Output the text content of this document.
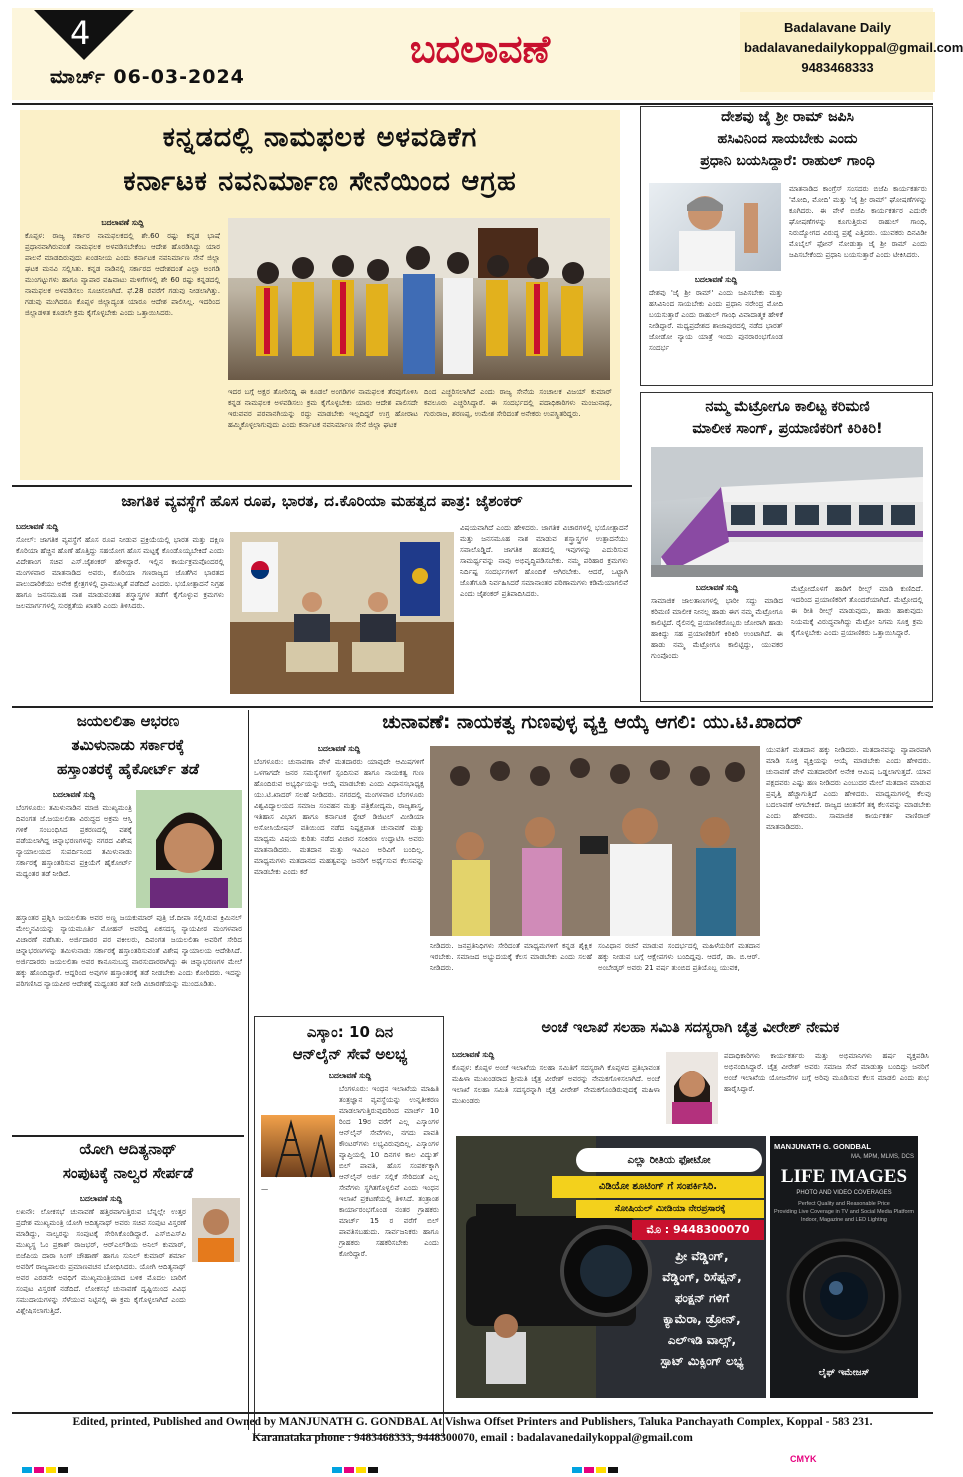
4
ಮಾರ್ಚ್ 06-03-2024
ಬದಲಾವಣೆ	Badalavane Daily
badalavanedailykoppal@gmail.com
9483468333
ಕನ್ನಡದಲ್ಲಿ ನಾಮಫಲಕ ಅಳವಡಿಕೆಗ
ಕರ್ನಾಟಕ ನವನಿರ್ಮಾಣ ಸೇನೆಯಿಂದ ಆಗ್ರಹ
ಬದಲಾವಣೆ ಸುದ್ದಿ
ಕೊಪ್ಪಳ: ರಾಜ್ಯ ಸರ್ಕಾರ ನಾಮಫಲಕದಲ್ಲಿ ಶೇ.60 ರಷ್ಟು ಕನ್ನಡ ಭಾಷೆ ಪ್ರಧಾನವಾಗಿರುವಂತೆ ನಾಮಫಲಕ ಅಳವಡಿಸಬೇಕೆಂಬ ಆದೇಶ ಹೊರಡಿಸಿದ್ದು ಯಾರ ಪಾಲನೆ ಮಾಡದಿರುವುದು ಖಂಡನೀಯ ಎಂದು ಕರ್ನಾಟಕ ನವನಿರ್ಮಾಣ ಸೇನೆ ಜಿಲ್ಲಾ ಘಟಕ ಮನವಿ ಸಲ್ಲಿಸಿತು. ಕನ್ನಡ ನಾಡಿನಲ್ಲಿ ಸರ್ಕಾರದ ಆದೇಶದಂತೆ ಎಲ್ಲಾ ಅಂಗಡಿ ಮುಂಗಟ್ಟುಗಳು ಹಾಗೂ ವ್ಯಾಪಾರ ವಹಿವಾಟು ಮಳಿಗೆಗಳಲ್ಲಿ ಶೇ 60 ರಷ್ಟು ಕನ್ನಡದಲ್ಲಿ ನಾಮಫಲಕ ಅಳವಡಿಸಲು ಸೂಚಿಸಲಾಗಿದೆ. ಫೆ.28 ರವರೆಗೆ ಗಡುವು ನೀಡಲಾಗಿತ್ತು. ಗಡುವು ಮುಗಿದರೂ ಕೊಪ್ಪಳ ಜಿಲ್ಲಾದ್ಯಂತ ಯಾರೂ ಆದೇಶ ಪಾಲಿಸಿಲ್ಲ. ಇದರಿಂದ ಜಿಲ್ಲಾಡಳಿತ ಕೂಡಲೇ ಕ್ರಮ ಕೈಗೊಳ್ಳಬೇಕು ಎಂದು ಒತ್ತಾಯಿಸಿದರು.
ಇದರ ಬಗ್ಗೆ ಅಕ್ಷರ ತೋರಿಸದ್ದಿ ಈ ಕೂಡಲೆ ಅಂಗಡಿಗಳ ನಾಮಫಲಕ ತೆರವುಗೊಳಿಸಿ ಕನ್ನಡ ನಾಮಫಲಕ ಅಳವಡಿಸಲು ಕ್ರಮ ಕೈಗೊಳ್ಳಬೇಕು ಯಾರು ಆದೇಶ ಪಾಲಿಸದೇ ಇರುವವರ ಪರವಾನಗಿಯನ್ನು ರದ್ದು ಮಾಡಬೇಕು ಇಲ್ಲದಿದ್ದರೆ ಉಗ್ರ ಹೋರಾಟ ಹಮ್ಮಿಕೊಳ್ಳಲಾಗುವುದು ಎಂದು ಕರ್ನಾಟಕ ನವನಿರ್ಮಾಣ ಸೇನೆ ಜಿಲ್ಲಾ ಘಟಕ
ದಿಂದ ಎಚ್ಚರಿಸಲಾಗಿದೆ ಎಂದು ರಾಜ್ಯ ಸೇನೆಯ ಸಂಚಾಲಕ ವಿಜಯ್ ಕುಮಾರ್ ಕವಲೂರು ಎಚ್ಚರಿಸಿದ್ದಾರೆ. ಈ ಸಂದರ್ಭದಲ್ಲಿ ಪದಾಧಿಕಾರಿಗಳು ಮಂಜುನಾಥ, ಗುರುರಾಜ, ಶರಣಪ್ಪ, ಉಮೇಶ ಸೇರಿದಂತೆ ಅನೇಕರು ಉಪಸ್ಥಿತರಿದ್ದರು.
ದೇಶವು ಜೈ ಶ್ರೀ ರಾಮ್ ಜಪಿಸಿ
ಹಸಿವಿನಿಂದ ಸಾಯಬೇಕು ಎಂದು
ಪ್ರಧಾನಿ ಬಯಸಿದ್ದಾರೆ: ರಾಹುಲ್ ಗಾಂಧಿ
ಬದಲಾವಣೆ ಸುದ್ದಿ
ದೇಶವು 'ಜೈ ಶ್ರೀ ರಾಮ್' ಎಂದು ಜಪಿಸಬೇಕು ಮತ್ತು ಹಸಿವಿನಿಂದ ಸಾಯಬೇಕು ಎಂದು ಪ್ರಧಾನಿ ನರೇಂದ್ರ ಮೋದಿ ಬಯಸುತ್ತಾರೆ ಎಂದು ರಾಹುಲ್ ಗಾಂಧಿ ವಿವಾದಾತ್ಮಕ ಹೇಳಿಕೆ ನೀಡಿದ್ದಾರೆ. ಮಧ್ಯಪ್ರದೇಶದ ಶಾಜಾಪುರದಲ್ಲಿ ನಡೆದ ಭಾರತ್ ಜೋಡೋ ನ್ಯಾಯ ಯಾತ್ರೆ ಇಂದು ಪುನರಾರಂಭಗೊಂಡ ಸಂದರ್ಭ
ಮಾತನಾಡಿದ ಕಾಂಗ್ರೆಸ್ ಸಂಸದರು ಬಿಜೆಪಿ ಕಾರ್ಯಕರ್ತರು 'ಮೋದಿ, ಮೋದಿ' ಮತ್ತು 'ಜೈ ಶ್ರೀ ರಾಮ್' ಘೋಷಣೆಗಳನ್ನು ಕೂಗಿದರು. ಈ ವೇಳೆ ಬಿಜೆಪಿ ಕಾರ್ಯಕರ್ತರ ಎದುರೇ ಘೋಷಣೆಗಳನ್ನು ಕೂಗುತ್ತಿರುವ ರಾಹುಲ್ ಗಾಂಧಿ, ನಿರುದ್ಯೋಗದ ವಿರುದ್ಧ ಪ್ರಶ್ನೆ ಎತ್ತಿದರು. ಯುವಕರು ದಿನವಿಡೀ ಮೊಬೈಲ್ ಫೋನ್ ನೋಡುತ್ತಾ ಜೈ ಶ್ರೀ ರಾಮ್ ಎಂದು ಜಪಿಸಬೇಕೆಂದು ಪ್ರಧಾನಿ ಬಯಸುತ್ತಾರೆ ಎಂದು ಟೀಕಿಸಿದರು.
ನಮ್ಮ ಮೆಟ್ರೋಗೂ ಕಾಲಿಟ್ಟ ಕರಿಮಣಿ
ಮಾಲೀಕ ಸಾಂಗ್, ಪ್ರಯಾಣಿಕರಿಗೆ ಕಿರಿಕಿರಿ!
ಬದಲಾವಣೆ ಸುದ್ದಿ
ಸಾಮಾಜಿಕ ಜಾಲತಾಣಗಳಲ್ಲಿ ಭಾರೀ ಸದ್ದು ಮಾಡಿದ ಕರಿಮಣಿ ಮಾಲೀಕ ನೀನಲ್ಲ ಹಾಡು ಈಗ ನಮ್ಮ ಮೆಟ್ರೋಗೂ ಕಾಲಿಟ್ಟಿದೆ. ರೈಲಿನಲ್ಲಿ ಪ್ರಯಾಣಿಕರೊಬ್ಬರು ಜೋರಾಗಿ ಹಾಡು ಹಾಕಿದ್ದು ಸಹ ಪ್ರಯಾಣಿಕರಿಗೆ ಕಿರಿಕಿರಿ ಉಂಟಾಗಿದೆ. ಈ ಹಾಡು ನಮ್ಮ ಮೆಟ್ರೋಗೂ ಕಾಲಿಟ್ಟಿದ್ದು, ಯುವಕರ ಗುಂಪೊಂದು
ಮೆಟ್ರೋದೊಳಗೆ ಹಾಡಿಗೆ ರೀಲ್ಸ್ ಮಾಡಿ ಕುಣಿದಿದೆ. ಇದರಿಂದ ಪ್ರಯಾಣಿಕರಿಗೆ ತೊಂದರೆಯಾಗಿದೆ. ಮೆಟ್ರೋದಲ್ಲಿ ಈ ರೀತಿ ರೀಲ್ಸ್ ಮಾಡುವುದು, ಹಾಡು ಹಾಕುವುದು ನಿಯಮಕ್ಕೆ ವಿರುದ್ಧವಾಗಿದ್ದು ಮೆಟ್ರೋ ನಿಗಮ ಸೂಕ್ತ ಕ್ರಮ ಕೈಗೊಳ್ಳಬೇಕು ಎಂದು ಪ್ರಯಾಣಿಕರು ಒತ್ತಾಯಿಸಿದ್ದಾರೆ.
ಜಾಗತಿಕ ವ್ಯವಸ್ಥೆಗೆ ಹೊಸ ರೂಪ, ಭಾರತ, ದ.ಕೊರಿಯಾ ಮಹತ್ವದ ಪಾತ್ರ: ಜೈಶಂಕರ್
ಬದಲಾವಣೆ ಸುದ್ದಿ
ಸೋಲ್: ಜಾಗತಿಕ ವ್ಯವಸ್ಥೆಗೆ ಹೊಸ ರೂಪ ನೀಡುವ ಪ್ರಕ್ರಿಯೆಯಲ್ಲಿ ಭಾರತ ಮತ್ತು ದಕ್ಷಿಣ ಕೊರಿಯಾ ಹೆಚ್ಚಿನ ಹೊಣೆ ಹೊತ್ತಿದ್ದು ಸಹಯೋಗ ಹೊಸ ಮಟ್ಟಕ್ಕೆ ಕೊಂಡೊಯ್ಯಬೇಕಿದೆ ಎಂದು ವಿದೇಶಾಂಗ ಸಚಿವ ಎಸ್.ಜೈಶಂಕರ್ ಹೇಳಿದ್ದಾರೆ. ಇಲ್ಲಿನ ಕಾರ್ಯಕ್ರಮವೊಂದರಲ್ಲಿ ಮಂಗಳವಾರ ಮಾತನಾಡಿದ ಅವರು, ಕೊರಿಯಾ ಗಣರಾಜ್ಯದ ಜೊತೆಗಿನ ಭಾರತದ ಪಾಲುದಾರಿಕೆಯು ಅನೇಕ ಕ್ಷೇತ್ರಗಳಲ್ಲಿ ಪ್ರಾಮುಖ್ಯತೆ ಪಡೆದಿದೆ ಎಂದರು. ಭಯೋತ್ಪಾದನೆ ನಿಗ್ರಹ ಹಾಗೂ ಜನಸಮೂಹ ನಾಶ ಮಾಡುವಂತಹ ಶಸ್ತ್ರಾಸ್ತ್ರಗಳ ತಡೆಗೆ ಕೈಗೊಳ್ಳುವ ಕ್ರಮಗಳು ಜಲಮಾರ್ಗಗಳಲ್ಲಿ ಸುರಕ್ಷತೆಯ ಖಾತರಿ ಎಂದು ತಿಳಿಸಿದರು.
ವಿಷಯವಾಗಿದೆ ಎಂದು ಹೇಳಿದರು. ಜಾಗತಿಕ ವಿಚಾರಗಳಲ್ಲಿ ಭಯೋತ್ಪಾದನೆ ಮತ್ತು ಜನಸಮೂಹ ನಾಶ ಮಾಡುವ ಶಸ್ತ್ರಾಸ್ತ್ರಗಳ ಉತ್ಪಾದನೆಯು ಸವಾಲೊಡ್ಡಿದೆ. ಜಾಗತಿಕ ಹಂತದಲ್ಲಿ ಇವುಗಳನ್ನು ಎದುರಿಸುವ ಸಾಮರ್ಥ್ಯವನ್ನು ನಾವು ಅಭಿವೃದ್ಧಿಪಡಿಸಬೇಕು. ನಮ್ಮ ಪರಿಹಾರ ಕ್ರಮಗಳು ನಿರ್ದಿಷ್ಟ ಸಂದರ್ಭಗಳಿಗೆ ಹೊಂದಿಕೆ ಆಗಿರಬೇಕು. ಆದರೆ, ಒಟ್ಟಾಗಿ ಜೊತೆಗೂಡಿ ನಿರ್ವಹಿಸಿದರೆ ಸಮಾನಾಂತರ ಪರಿಣಾಮಗಳು ಕಡಿಮೆಯಾಗಲಿವೆ ಎಂದು ಜೈಶಂಕರ್ ಪ್ರತಿಪಾದಿಸಿದರು.
ಜಯಲಲಿತಾ ಆಭರಣ
ತಮಿಳುನಾಡು ಸರ್ಕಾರಕ್ಕೆ
ಹಸ್ತಾಂತರಕ್ಕೆ ಹೈಕೋರ್ಟ್ ತಡೆ
ಬದಲಾವಣೆ ಸುದ್ದಿ
ಬೆಂಗಳೂರು: ತಮಿಳುನಾಡಿನ ಮಾಜಿ ಮುಖ್ಯಮಂತ್ರಿ ದಿವಂಗತ ಜೆ.ಜಯಲಲಿತಾ ವಿರುದ್ಧದ ಅಕ್ರಮ ಆಸ್ತಿ ಗಳಿಕೆ ಸಂಬಂಧಿಸಿದ ಪ್ರಕರಣದಲ್ಲಿ ವಶಕ್ಕೆ ಪಡೆಯಲಾಗಿದ್ದ ಚಿನ್ನಾಭರಣಗಳನ್ನು ನಗರದ ವಿಶೇಷ ನ್ಯಾಯಾಲಯದ ಸುಪರ್ದಿನಿಂದ ತಮಿಳುನಾಡು ಸರ್ಕಾರಕ್ಕೆ ಹಸ್ತಾಂತರಿಸುವ ಪ್ರಕ್ರಿಯೆಗೆ ಹೈಕೋರ್ಟ್ ಮಧ್ಯಂತರ ತಡೆ ನೀಡಿದೆ.
ಹಸ್ತಾಂತರ ಪ್ರಶ್ನಿಸಿ ಜಯಲಲಿತಾ ಅವರ ಅಣ್ಣ ಜಯಕುಮಾರ್ ಪುತ್ರಿ ಜೆ.ದೀಪಾ ಸಲ್ಲಿಸಿರುವ ಕ್ರಿಮಿನಲ್ ಮೇಲ್ಮನವಿಯನ್ನು ನ್ಯಾಯಮೂರ್ತಿ ಮೋಹನ್ ಅವರಿದ್ದ ಏಕಸದಸ್ಯ ನ್ಯಾಯಪೀಠ ಮಂಗಳವಾರ ವಿಚಾರಣೆ ನಡೆಸಿತು. ಅರ್ಜಿದಾರರ ಪರ ವಕೀಲರು, ದಿವಂಗತ ಜಯಲಲಿತಾ ಅವರಿಗೆ ಸೇರಿದ ಚಿನ್ನಾಭರಣಗಳನ್ನು ತಮಿಳುನಾಡು ಸರ್ಕಾರಕ್ಕೆ ಹಸ್ತಾಂತರಿಸುವಂತೆ ವಿಶೇಷ ನ್ಯಾಯಾಲಯ ಆದೇಶಿಸಿದೆ. ಅರ್ಜಿದಾರರು ಜಯಲಲಿತಾ ಅವರ ಕಾನೂನುಬದ್ಧ ವಾರಸುದಾರರಾಗಿದ್ದು ಈ ಚಿನ್ನಾಭರಣಗಳ ಮೇಲೆ ಹಕ್ಕು ಹೊಂದಿದ್ದಾರೆ. ಆದ್ದರಿಂದ ಅವುಗಳ ಹಸ್ತಾಂತರಕ್ಕೆ ತಡೆ ನೀಡಬೇಕು ಎಂದು ಕೋರಿದರು. ಇದನ್ನು ಪರಿಗಣಿಸಿದ ನ್ಯಾಯಪೀಠ ಆದೇಶಕ್ಕೆ ಮಧ್ಯಂತರ ತಡೆ ನೀಡಿ ವಿಚಾರಣೆಯನ್ನು ಮುಂದೂಡಿತು.
ಚುನಾವಣೆ: ನಾಯಕತ್ವ ಗುಣವುಳ್ಳ ವ್ಯಕ್ತಿ ಆಯ್ಕೆ ಆಗಲಿ: ಯು.ಟಿ.ಖಾದರ್
ಬದಲಾವಣೆ ಸುದ್ದಿ
ಬೆಂಗಳೂರು: ಚುನಾವಣಾ ವೇಳೆ ಮತದಾರರು ಯಾವುದೇ ಆಮಿಷಗಳಿಗೆ ಒಳಗಾಗದೇ ಜನರ ಸಮಸ್ಯೆಗಳಿಗೆ ಸ್ಪಂದಿಸುವ ಹಾಗೂ ನಾಯಕತ್ವ ಗುಣ ಹೊಂದಿರುವ ಅಭ್ಯರ್ಥಿಯನ್ನು ಆಯ್ಕೆ ಮಾಡಬೇಕು ಎಂದು ವಿಧಾನಸಭಾಧ್ಯಕ್ಷ ಯು.ಟಿ.ಖಾದರ್ ಸಲಹೆ ನೀಡಿದರು. ನಗರದಲ್ಲಿ ಮಂಗಳವಾರ ಬೆಂಗಳೂರು ವಿಶ್ವವಿದ್ಯಾಲಯದ ಸಮಾಜ ಸಂವಹನ ಮತ್ತು ಪತ್ರಿಕೋದ್ಯಮ, ರಾಜ್ಯಶಾಸ್ತ್ರ, ಇತಿಹಾಸ ವಿಭಾಗ ಹಾಗೂ ಕರ್ನಾಟಕ ಸ್ಟೇಟ್ ಡಿಜಿಟಲ್ ಮೀಡಿಯಾ ಅಸೋಸಿಯೇಷನ್ ವತಿಯಿಂದ ನಡೆದ ನಿಷ್ಪಕ್ಷಪಾತ ಚುನಾವಣೆ ಮತ್ತು ಮಾಧ್ಯಮ ವಿಷಯ ಕುರಿತು ನಡೆದ ವಿಚಾರ ಸಂಕಿರಣ ಉದ್ಘಾಟಿಸಿ ಅವರು ಮಾತನಾಡಿದರು. ಮತದಾನ ಮತ್ತು ಇವಿಎಂ ಅರಿವಿಗೆ ಬಂದಿಲ್ಲ. ಮಾಧ್ಯಮಗಳು ಮತದಾನದ ಮಹತ್ವವನ್ನು ಜನರಿಗೆ ಅರ್ಥೈಸುವ ಕೆಲಸವನ್ನು ಮಾಡಬೇಕು ಎಂದು ಕರೆ
ನೀಡಿದರು. ಜನಪ್ರತಿನಿಧಿಗಳು ಸೇರಿದಂತೆ ಮಾಧ್ಯಮಗಳಿಗೆ ಕನ್ನಡ ಶೈಕ್ಷಿಕ ಇರಬೇಕು. ಸಮಾಜದ ಅಭ್ಯುದಯಕ್ಕೆ ಕೆಲಸ ಮಾಡಬೇಕು ಎಂದು ಸಲಹೆ ನೀಡಿದರು.
ಸಂವಿಧಾನ ರಚನೆ ಮಾಡುವ ಸಂದರ್ಭದಲ್ಲಿ ಮಹಿಳೆಯರಿಗೆ ಮತದಾನ ಹಕ್ಕು ನೀಡುವ ಬಗ್ಗೆ ಆಕ್ಷೇಪಗಳು ಬಂದಿದ್ದವು. ಆದರೆ, ಡಾ. ಬಿ.ಆರ್. ಅಂಬೇಡ್ಕರ್ ಅವರು 21 ವರ್ಷ ತುಂಬಿದ ಪ್ರತಿಯೊಬ್ಬ ಯುವಕ,
ಯುವತಿಗೆ ಮತದಾನ ಹಕ್ಕು ನೀಡಿದರು. ಮತದಾನವನ್ನು ವ್ಯಾಪಾರವಾಗಿ ಮಾಡಿ ಸೂಕ್ತ ವ್ಯಕ್ತಿಯನ್ನು ಆಯ್ಕೆ ಮಾಡಬೇಕು ಎಂದು ಹೇಳಿದರು. ಚುನಾವಣೆ ವೇಳೆ ಮತದಾರರಿಗೆ ಅನೇಕ ಆಮಿಷ ಒಡ್ಡಲಾಗುತ್ತದೆ. ಯಾವ ಪಕ್ಷದವರು ಎಷ್ಟು ಹಣ ನೀಡಿದರು ಎಂಬುದರ ಮೇಲೆ ಮತದಾನ ಮಾಡುವ ಪ್ರವೃತ್ತಿ ಹೆಚ್ಚಾಗುತ್ತಿದೆ ಎಂದು ಹೇಳಿದರು. ಮಾಧ್ಯಮಗಳಲ್ಲಿ ಕೆಲವು ಬದಲಾವಣೆ ಆಗಬೇಕಿದೆ. ರಾಜ್ಯದ ಚಿಂತನೆಗೆ ತಕ್ಕ ಕೆಲಸವನ್ನು ಮಾಡಬೇಕು ಎಂದು ಹೇಳಿದರು. ಸಾಮಾಜಿಕ ಕಾರ್ಯಕರ್ತ ವಾಣಿರಾಜ್ ಮಾತನಾಡಿದರು.
ಎಸ್ಕಾಂ: 10 ದಿನ
ಆನ್‌ಲೈನ್ ಸೇವೆ ಅಲಭ್ಯ
ಬದಲಾವಣೆ ಸುದ್ದಿ
ಬೆಂಗಳೂರು: ಇಂಧನ ಇಲಾಖೆಯ ಮಾಹಿತಿ ತಂತ್ರಜ್ಞಾನ ವ್ಯವಸ್ಥೆಯನ್ನು ಉನ್ನತೀಕರಣ ಮಾಡಲಾಗುತ್ತಿರುವುದರಿಂದ ಮಾರ್ಚ್ 10 ರಿಂದ 19ರ ವರೆಗೆ ಎಲ್ಲ ಎಸ್ಕಾಂಗಳ ಆನ್‌ಲೈನ್ ಸೇವೆಗಳು, ನಗದು ಪಾವತಿ ಕೌಂಟರ್‌ಗಳು ಲಭ್ಯವಿರುವುದಿಲ್ಲ. ಎಸ್ಕಾಂಗಳ ವ್ಯಾಪ್ತಿಯಲ್ಲಿ 10 ದಿನಗಳ ಕಾಲ ವಿದ್ಯುತ್ ಬಿಲ್ ಪಾವತಿ, ಹೊಸ ಸಂಪರ್ಕಕ್ಕಾಗಿ ಆನ್‌ಲೈನ್ ಅರ್ಜಿ ಸಲ್ಲಿಕೆ ಸೇರಿದಂತೆ ಎಲ್ಲ ಸೇವೆಗಳು ಸ್ಥಗಿತಗೊಳ್ಳಲಿವೆ ಎಂದು ಇಂಧನ ಇಲಾಖೆ ಪ್ರಕಟಣೆಯಲ್ಲಿ ತಿಳಿಸಿದೆ. ತಂತ್ರಾಂಶ ಕಾರ್ಯಾರಂಭಗೊಂಡ ನಂತರ ಗ್ರಾಹಕರು ಮಾರ್ಚ್ 15 ರ ವರೆಗೆ ಬಿಲ್ ಪಾವತಿಸಬಹುದು. ಸಾರ್ವಜನಿಕರು ಹಾಗೂ ಗ್ರಾಹಕರು ಸಹಕರಿಸಬೇಕು ಎಂದು ಕೋರಿದ್ದಾರೆ.
—
ಯೋಗಿ ಆದಿತ್ಯನಾಥ್
ಸಂಪುಟಕ್ಕೆ ನಾಲ್ವರ ಸೇರ್ಪಡೆ
ಬದಲಾವಣೆ ಸುದ್ದಿ
ಲಖನೌ: ಲೋಕಸಭೆ ಚುನಾವಣೆ ಹತ್ತಿರವಾಗುತ್ತಿರುವ ಬೆನ್ನಲ್ಲೇ ಉತ್ತರ ಪ್ರದೇಶ ಮುಖ್ಯಮಂತ್ರಿ ಯೋಗಿ ಆದಿತ್ಯನಾಥ್ ಅವರು ಸಚಿವ ಸಂಪುಟ ವಿಸ್ತರಣೆ ಮಾಡಿದ್ದು, ನಾಲ್ವರನ್ನು ಸಂಪುಟಕ್ಕೆ ಸೇರಿಸಿಕೊಂಡಿದ್ದಾರೆ. ಎಸ್‌ಬಿಎಸ್‌ಪಿ ಮುಖ್ಯಸ್ಥ ಓಂ ಪ್ರಕಾಶ್ ರಾಜಭರ್, ಆರ್‌ಎಲ್‌ಡಿಯ ಅನಿಲ್ ಕುಮಾರ್, ಬಿಜೆಪಿಯ ದಾರಾ ಸಿಂಗ್ ಚೌಹಾಣ್ ಹಾಗೂ ಸುನಿಲ್ ಕುಮಾರ್ ಶರ್ಮಾ ಅವರಿಗೆ ರಾಜ್ಯಪಾಲರು ಪ್ರಮಾಣವಚನ ಬೋಧಿಸಿದರು. ಯೋಗಿ ಆದಿತ್ಯನಾಥ್ ಅವರ ಎರಡನೇ ಅವಧಿಗೆ ಮುಖ್ಯಮಂತ್ರಿಯಾದ ಬಳಿಕ ಮೊದಲ ಬಾರಿಗೆ ಸಂಪುಟ ವಿಸ್ತರಣೆ ನಡೆದಿದೆ. ಲೋಕಸಭೆ ಚುನಾವಣೆ ದೃಷ್ಟಿಯಿಂದ ವಿವಿಧ ಸಮುದಾಯಗಳನ್ನು ಸೆಳೆಯುವ ನಿಟ್ಟಿನಲ್ಲಿ ಈ ಕ್ರಮ ಕೈಗೊಳ್ಳಲಾಗಿದೆ ಎಂದು ವಿಶ್ಲೇಷಿಸಲಾಗುತ್ತಿದೆ.
ಅಂಚೆ ಇಲಾಖೆ ಸಲಹಾ ಸಮಿತಿ ಸದಸ್ಯರಾಗಿ ಚೈತ್ರ ವೀರೇಶ್ ನೇಮಕ
ಬದಲಾವಣೆ ಸುದ್ದಿ
ಕೊಪ್ಪಳ: ಕೊಪ್ಪಳ ಅಂಚೆ ಇಲಾಖೆಯ ಸಲಹಾ ಸಮಿತಿಗೆ ಸದಸ್ಯರಾಗಿ ಕೊಪ್ಪಳದ ಪ್ರತಿಭಾವಂತ ಮಹಿಳಾ ಮುಖಂಡರಾದ ಶ್ರೀಮತಿ ಚೈತ್ರ ವೀರೇಶ್ ಅವರನ್ನು ನೇಮಕಗೊಳಿಸಲಾಗಿದೆ. ಅಂಚೆ ಇಲಾಖೆ ಸಲಹಾ ಸಮಿತಿ ಸದಸ್ಯರನ್ನಾಗಿ ಚೈತ್ರ ವೀರೇಶ್ ನೇಮಕಗೊಂಡಿರುವುದಕ್ಕೆ ಮಹಿಳಾ ಮುಖಂಡರು
ಪದಾಧಿಕಾರಿಗಳು ಕಾರ್ಯಕರ್ತರು ಮತ್ತು ಅಭಿಮಾನಿಗಳು ಹರ್ಷ ವ್ಯಕ್ತಪಡಿಸಿ ಅಭಿನಂದಿಸಿದ್ದಾರೆ. ಚೈತ್ರ ವೀರೇಶ್ ಅವರು ಸಮಾಜ ಸೇವೆ ಮಾಡುತ್ತಾ ಬಂದಿದ್ದು ಜನರಿಗೆ ಅಂಚೆ ಇಲಾಖೆಯ ಯೋಜನೆಗಳ ಬಗ್ಗೆ ಅರಿವು ಮೂಡಿಸುವ ಕೆಲಸ ಮಾಡಲಿ ಎಂದು ಶುಭ ಹಾರೈಸಿದ್ದಾರೆ.
ಎಲ್ಲಾ ರೀತಿಯ ಫೋಟೋ
ವಿಡಿಯೋ ಶೂಟಿಂಗ್ ಗೆ ಸಂಪರ್ಕಿಸಿರಿ.
ಸೋಷಿಯಲ್ ಮೀಡಿಯಾ ನೇರಪ್ರಸಾರಕ್ಕೆ
ಮೊ : 9448300070
ಪ್ರೀ ವೆಡ್ಡಿಂಗ್,
ವೆಡ್ಡಿಂಗ್, ರಿಸೆಪ್ಷನ್,
ಫಂಕ್ಷನ್ ಗಳಿಗೆ
ಕ್ಯಾಮೆರಾ, ಡ್ರೋನ್,
ಎಲ್‌ಇಡಿ ವಾಲ್ಸ್,
ಸ್ಪಾಟ್ ಮಿಕ್ಸಿಂಗ್ ಲಭ್ಯ
MANJUNATH G. GONDBAL
MA, MPM, MLMS, DCS
LIFE IMAGES
PHOTO AND VIDEO COVERAGES
Perfect Quality and Reasonable Price
Providing Live Coverage in TV and Social Media Platform
Indoor, Magazine and LED Lighting
ಲೈಫ್ ಇಮೇಜಸ್
Edited, printed, Published and Owned by MANJUNATH G. GONDBAL At Vishwa Offset Printers and Publishers, Taluka Panchayath Complex, Koppal - 583 231.
Karanataka phone : 9483468333, 9448300070, email : badalavanedailykoppal@gmail.com
CMYK
